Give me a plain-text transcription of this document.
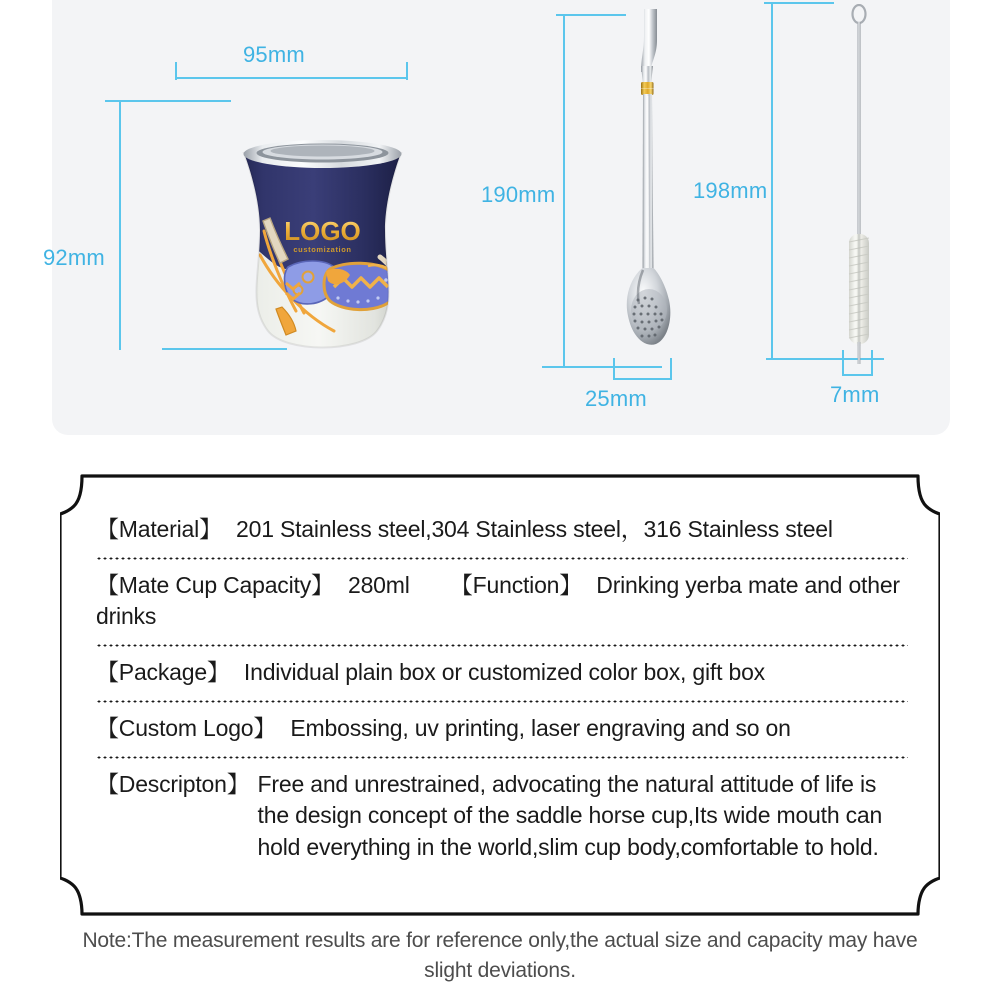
95mm
92mm
LOGO
customization
190mm
25mm
198mm
7mm
【Material】 201 Stainless steel,304 Stainless steel，316 Stainless steel
【Mate Cup Capacity】 280ml 【Function】 Drinking yerba mate and other drinks
【Package】 Individual plain box or customized color box, gift box
【Custom Logo】 Embossing, uv printing, laser engraving and so on
【Descripton】 Free and unrestrained, advocating the natural attitude of life is the design concept of the saddle horse cup,Its wide mouth can hold everything in the world,slim cup body,comfortable to hold.
Note:The measurement results are for reference only,the actual size and capacity may have slight deviations.
